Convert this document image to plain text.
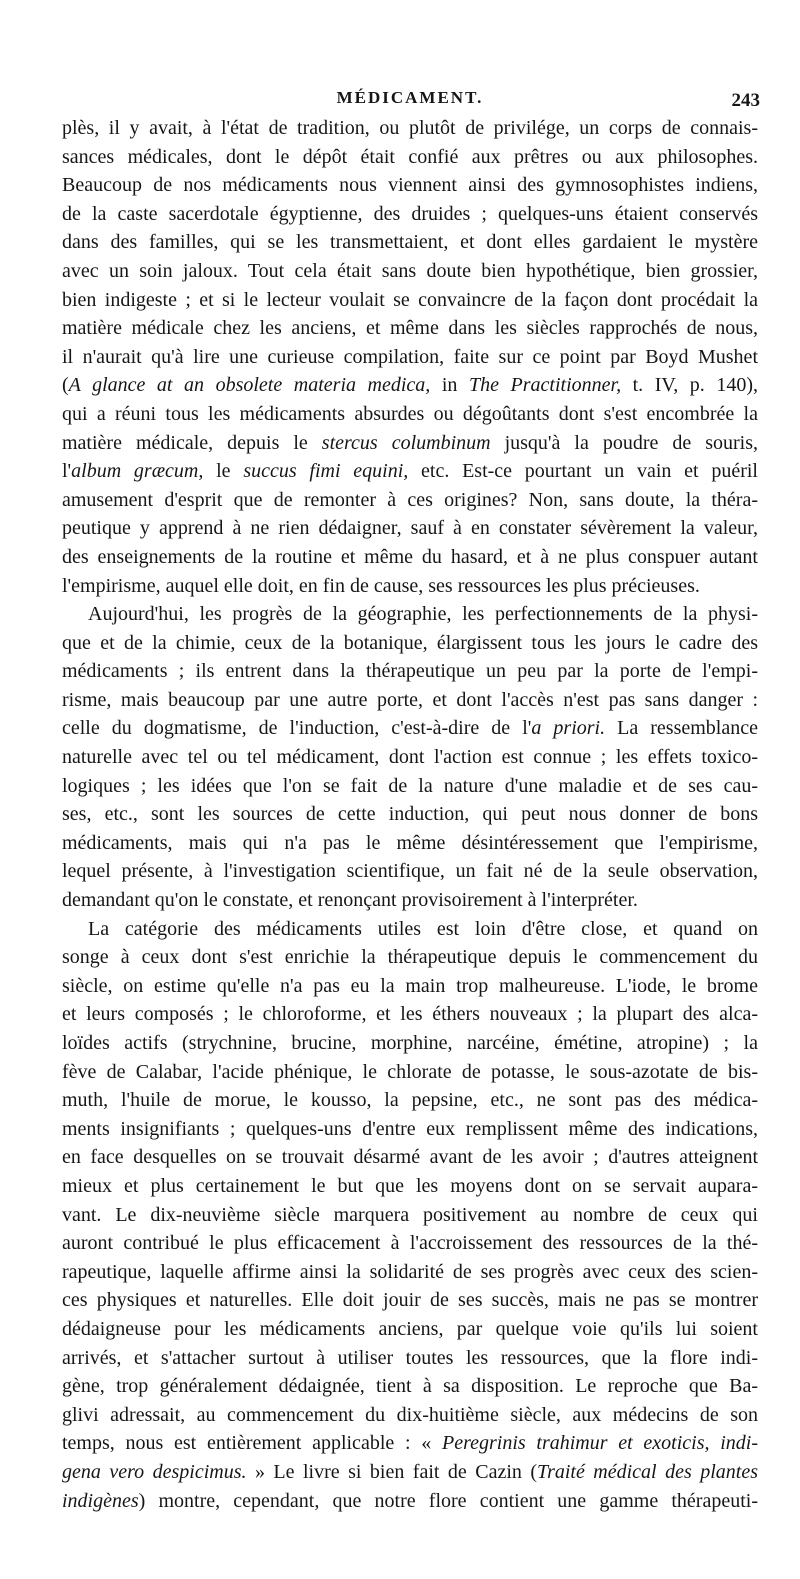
MÉDICAMENT.	243
plès, il y avait, à l'état de tradition, ou plutôt de privilége, un corps de connais-
sances médicales, dont le dépôt était confié aux prêtres ou aux philosophes.
Beaucoup de nos médicaments nous viennent ainsi des gymnosophistes indiens,
de la caste sacerdotale égyptienne, des druides ; quelques-uns étaient conservés
dans des familles, qui se les transmettaient, et dont elles gardaient le mystère
avec un soin jaloux. Tout cela était sans doute bien hypothétique, bien grossier,
bien indigeste ; et si le lecteur voulait se convaincre de la façon dont procédait la
matière médicale chez les anciens, et même dans les siècles rapprochés de nous,
il n'aurait qu'à lire une curieuse compilation, faite sur ce point par Boyd Mushet
(A glance at an obsolete materia medica, in The Practitionner, t. IV, p. 140),
qui a réuni tous les médicaments absurdes ou dégoûtants dont s'est encombrée la
matière médicale, depuis le stercus columbinum jusqu'à la poudre de souris,
l'album græcum, le succus fimi equini, etc. Est-ce pourtant un vain et puéril
amusement d'esprit que de remonter à ces origines? Non, sans doute, la théra-
peutique y apprend à ne rien dédaigner, sauf à en constater sévèrement la valeur,
des enseignements de la routine et même du hasard, et à ne plus conspuer autant
l'empirisme, auquel elle doit, en fin de cause, ses ressources les plus précieuses.
Aujourd'hui, les progrès de la géographie, les perfectionnements de la physi-
que et de la chimie, ceux de la botanique, élargissent tous les jours le cadre des
médicaments ; ils entrent dans la thérapeutique un peu par la porte de l'empi-
risme, mais beaucoup par une autre porte, et dont l'accès n'est pas sans danger :
celle du dogmatisme, de l'induction, c'est-à-dire de l'a priori. La ressemblance
naturelle avec tel ou tel médicament, dont l'action est connue ; les effets toxico-
logiques ; les idées que l'on se fait de la nature d'une maladie et de ses cau-
ses, etc., sont les sources de cette induction, qui peut nous donner de bons
médicaments, mais qui n'a pas le même désintéressement que l'empirisme,
lequel présente, à l'investigation scientifique, un fait né de la seule observation,
demandant qu'on le constate, et renonçant provisoirement à l'interpréter.
La catégorie des médicaments utiles est loin d'être close, et quand on
songe à ceux dont s'est enrichie la thérapeutique depuis le commencement du
siècle, on estime qu'elle n'a pas eu la main trop malheureuse. L'iode, le brome
et leurs composés ; le chloroforme, et les éthers nouveaux ; la plupart des alca-
loïdes actifs (strychnine, brucine, morphine, narcéine, émétine, atropine) ; la
fève de Calabar, l'acide phénique, le chlorate de potasse, le sous-azotate de bis-
muth, l'huile de morue, le kousso, la pepsine, etc., ne sont pas des médica-
ments insignifiants ; quelques-uns d'entre eux remplissent même des indications,
en face desquelles on se trouvait désarmé avant de les avoir ; d'autres atteignent
mieux et plus certainement le but que les moyens dont on se servait aupara-
vant. Le dix-neuvième siècle marquera positivement au nombre de ceux qui
auront contribué le plus efficacement à l'accroissement des ressources de la thé-
rapeutique, laquelle affirme ainsi la solidarité de ses progrès avec ceux des scien-
ces physiques et naturelles. Elle doit jouir de ses succès, mais ne pas se montrer
dédaigneuse pour les médicaments anciens, par quelque voie qu'ils lui soient
arrivés, et s'attacher surtout à utiliser toutes les ressources, que la flore indi-
gène, trop généralement dédaignée, tient à sa disposition. Le reproche que Ba-
glivi adressait, au commencement du dix-huitième siècle, aux médecins de son
temps, nous est entièrement applicable : « Peregrinis trahimur et exoticis, indi-
gena vero despicimus. » Le livre si bien fait de Cazin (Traité médical des plantes
indigènes) montre, cependant, que notre flore contient une gamme thérapeuti-
